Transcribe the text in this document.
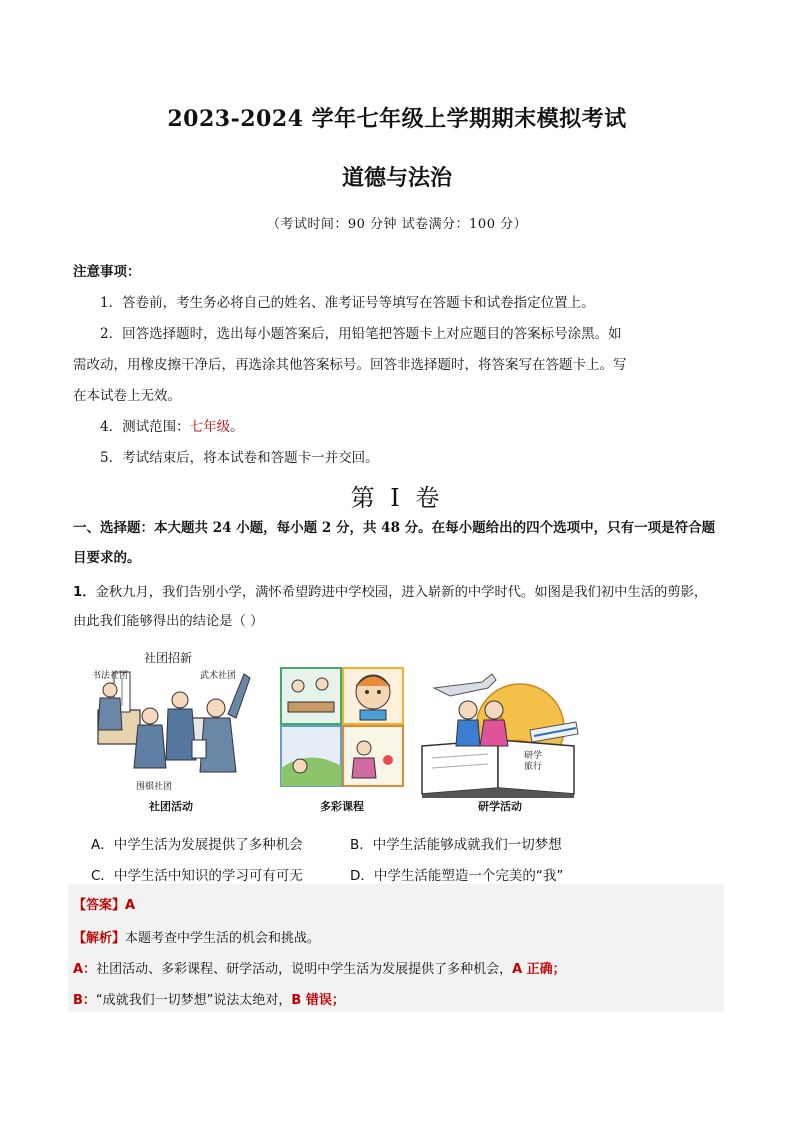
2023-2024 学年七年级上学期期末模拟考试
道德与法治
（考试时间：90 分钟 试卷满分：100 分）
注意事项：
1．答卷前，考生务必将自己的姓名、准考证号等填写在答题卡和试卷指定位置上。
2．回答选择题时，选出每小题答案后，用铅笔把答题卡上对应题目的答案标号涂黑。如
需改动，用橡皮擦干净后，再选涂其他答案标号。回答非选择题时，将答案写在答题卡上。写
在本试卷上无效。
4．测试范围：七年级。
5．考试结束后，将本试卷和答题卡一并交回。
第 I 卷
一、选择题：本大题共 24 小题，每小题 2 分，共 48 分。在每小题给出的四个选项中，只有一项是符合题
目要求的。
1．金秋九月，我们告别小学，满怀希望跨进中学校园，进入崭新的中学时代。如图是我们初中生活的剪影，
由此我们能够得出的结论是（ ）
社团招新
书法社团	武术社团
围棋社团
社团活动	多彩课程
研学
旅行
研学活动
A．中学生活为发展提供了多种机会	B．中学生活能够成就我们一切梦想
C．中学生活中知识的学习可有可无	D．中学生活能塑造一个完美的“我”
【答案】A
【解析】本题考查中学生活的机会和挑战。
A：社团活动、多彩课程、研学活动，说明中学生活为发展提供了多种机会，A 正确；
B：“成就我们一切梦想”说法太绝对，B 错误；
